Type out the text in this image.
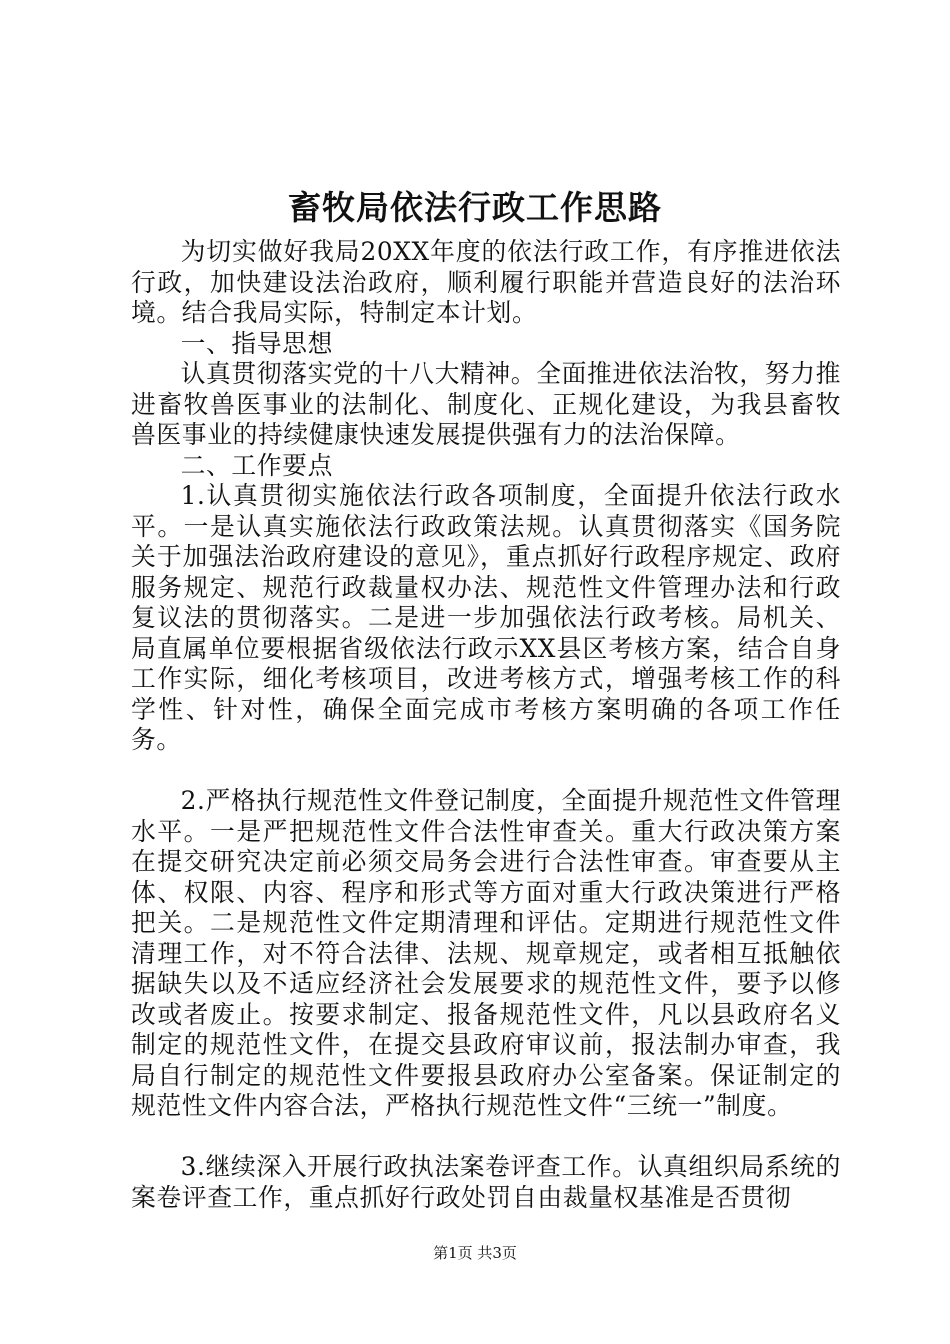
畜牧局依法行政工作思路

为切实做好我局20XX年度的依法行政工作，有序推进依法行政，加快建设法治政府，顺利履行职能并营造良好的法治环境。结合我局实际，特制定本计划。

一、指导思想

认真贯彻落实党的十八大精神。全面推进依法治牧，努力推进畜牧兽医事业的法制化、制度化、正规化建设，为我县畜牧兽医事业的持续健康快速发展提供强有力的法治保障。

二、工作要点

1.认真贯彻实施依法行政各项制度，全面提升依法行政水平。一是认真实施依法行政政策法规。认真贯彻落实《国务院关于加强法治政府建设的意见》，重点抓好行政程序规定、政府服务规定、规范行政裁量权办法、规范性文件管理办法和行政复议法的贯彻落实。二是进一步加强依法行政考核。局机关、局直属单位要根据省级依法行政示XX县区考核方案，结合自身工作实际，细化考核项目，改进考核方式，增强考核工作的科学性、针对性，确保全面完成市考核方案明确的各项工作任务。

2.严格执行规范性文件登记制度，全面提升规范性文件管理水平。一是严把规范性文件合法性审查关。重大行政决策方案在提交研究决定前必须交局务会进行合法性审查。审查要从主体、权限、内容、程序和形式等方面对重大行政决策进行严格把关。二是规范性文件定期清理和评估。定期进行规范性文件清理工作，对不符合法律、法规、规章规定，或者相互抵触依据缺失以及不适应经济社会发展要求的规范性文件，要予以修改或者废止。按要求制定、报备规范性文件，凡以县政府名义制定的规范性文件，在提交县政府审议前，报法制办审查，我局自行制定的规范性文件要报县政府办公室备案。保证制定的规范性文件内容合法，严格执行规范性文件“三统一”制度。

3.继续深入开展行政执法案卷评查工作。认真组织局系统的案卷评查工作，重点抓好行政处罚自由裁量权基准是否贯彻

第1页 共3页
